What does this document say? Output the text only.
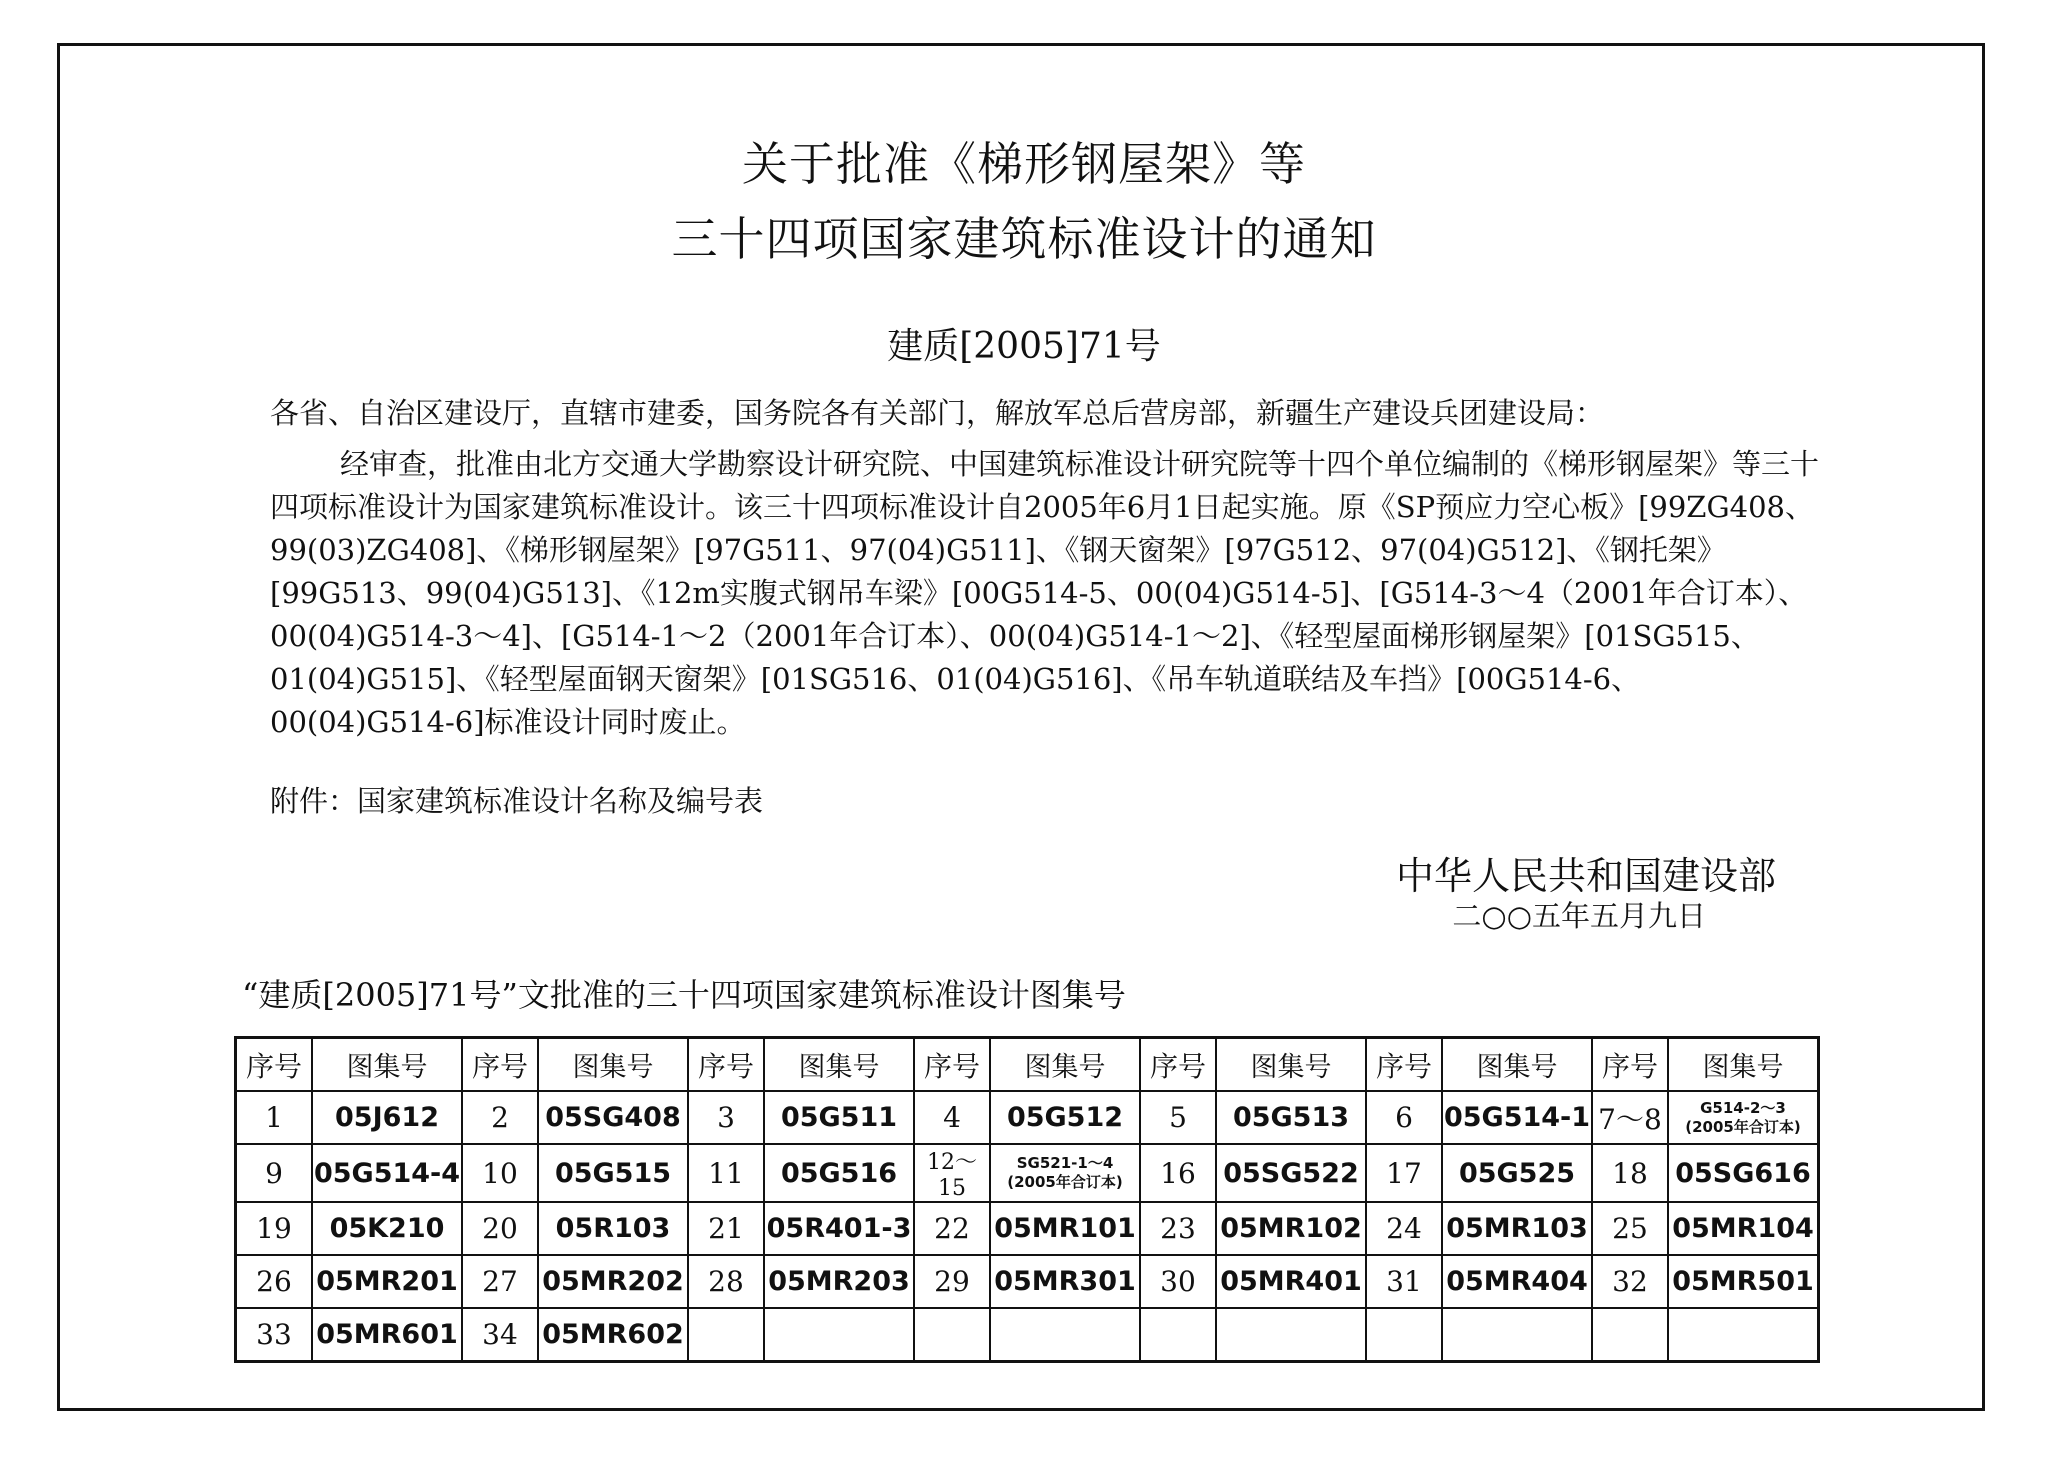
关于批准《梯形钢屋架》等
三十四项国家建筑标准设计的通知
建质[2005]71号
各省、自治区建设厅，直辖市建委，国务院各有关部门，解放军总后营房部，新疆生产建设兵团建设局：
经审查，批准由北方交通大学勘察设计研究院、中国建筑标准设计研究院等十四个单位编制的《梯形钢屋架》等三十四项标准设计为国家建筑标准设计。该三十四项标准设计自2005年6月1日起实施。原《SP预应力空心板》[99ZG408、99(03)ZG408]、《梯形钢屋架》[97G511、97(04)G511]、《钢天窗架》[97G512、97(04)G512]、《钢托架》[99G513、99(04)G513]、《12m实腹式钢吊车梁》[00G514-5、00(04)G514-5]、[G514-3～4（2001年合订本）、00(04)G514-3～4]、[G514-1～2（2001年合订本）、00(04)G514-1～2]、《轻型屋面梯形钢屋架》[01SG515、01(04)G515]、《轻型屋面钢天窗架》[01SG516、01(04)G516]、《吊车轨道联结及车挡》[00G514-6、00(04)G514-6]标准设计同时废止。
附件：国家建筑标准设计名称及编号表
中华人民共和国建设部
二○○五年五月九日
“建质[2005]71号”文批准的三十四项国家建筑标准设计图集号
序号	图集号	序号	图集号	序号	图集号	序号	图集号	序号	图集号	序号	图集号	序号	图集号
1	05J612	2	05SG408	3	05G511	4	05G512	5	05G513	6	05G514-1	7～8	G514-2～3
(2005年合订本)

9	05G514-4	10	05G515	11	05G516	12～15	SG521-1～4
(2005年合订本)	16	05SG522	17	05G525	18	05SG616
19	05K210	20	05R103	21	05R401-3	22	05MR101	23	05MR102	24	05MR103	25	05MR104
26	05MR201	27	05MR202	28	05MR203	29	05MR301	30	05MR401	31	05MR404	32	05MR501
33	05MR601	34	05MR602										
